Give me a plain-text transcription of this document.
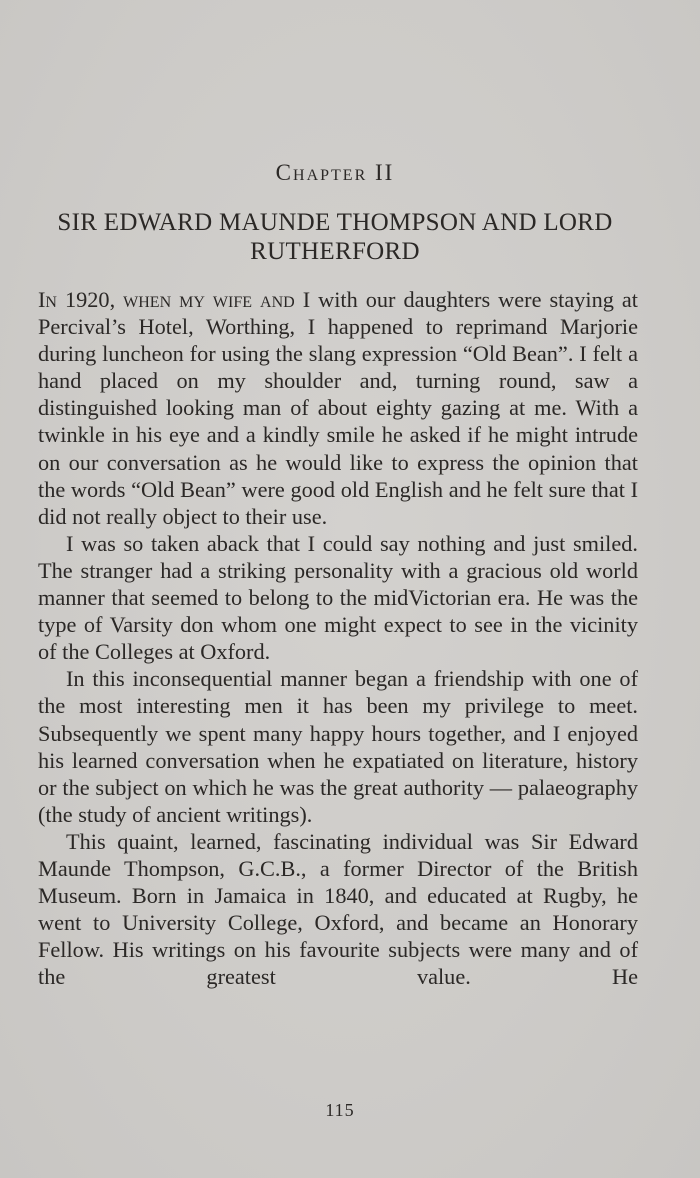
Chapter II
SIR EDWARD MAUNDE THOMPSON AND LORD RUTHERFORD

In 1920, when my wife and I with our daughters were staying at Percival’s Hotel, Worthing, I happened to reprimand Marjorie during luncheon for using the slang expression “Old Bean”. I felt a hand placed on my shoulder and, turning round, saw a distinguished looking man of about eighty gazing at me. With a twinkle in his eye and a kindly smile he asked if he might intrude on our conversation as he would like to express the opinion that the words “Old Bean” were good old English and he felt sure that I did not really object to their use.

I was so taken aback that I could say nothing and just smiled. The stranger had a striking personality with a gracious old world manner that seemed to belong to the midVictorian era. He was the type of Varsity don whom one might expect to see in the vicinity of the Colleges at Oxford.

In this inconsequential manner began a friendship with one of the most interesting men it has been my privilege to meet. Subsequently we spent many happy hours together, and I enjoyed his learned conversation when he expatiated on literature, history or the subject on which he was the great authority — palaeography (the study of ancient writings).

This quaint, learned, fascinating individual was Sir Edward Maunde Thompson, G.C.B., a former Director of the British Museum. Born in Jamaica in 1840, and educated at Rugby, he went to University College, Oxford, and became an Honorary Fellow. His writings on his favourite subjects were many and of the greatest value. He

115
